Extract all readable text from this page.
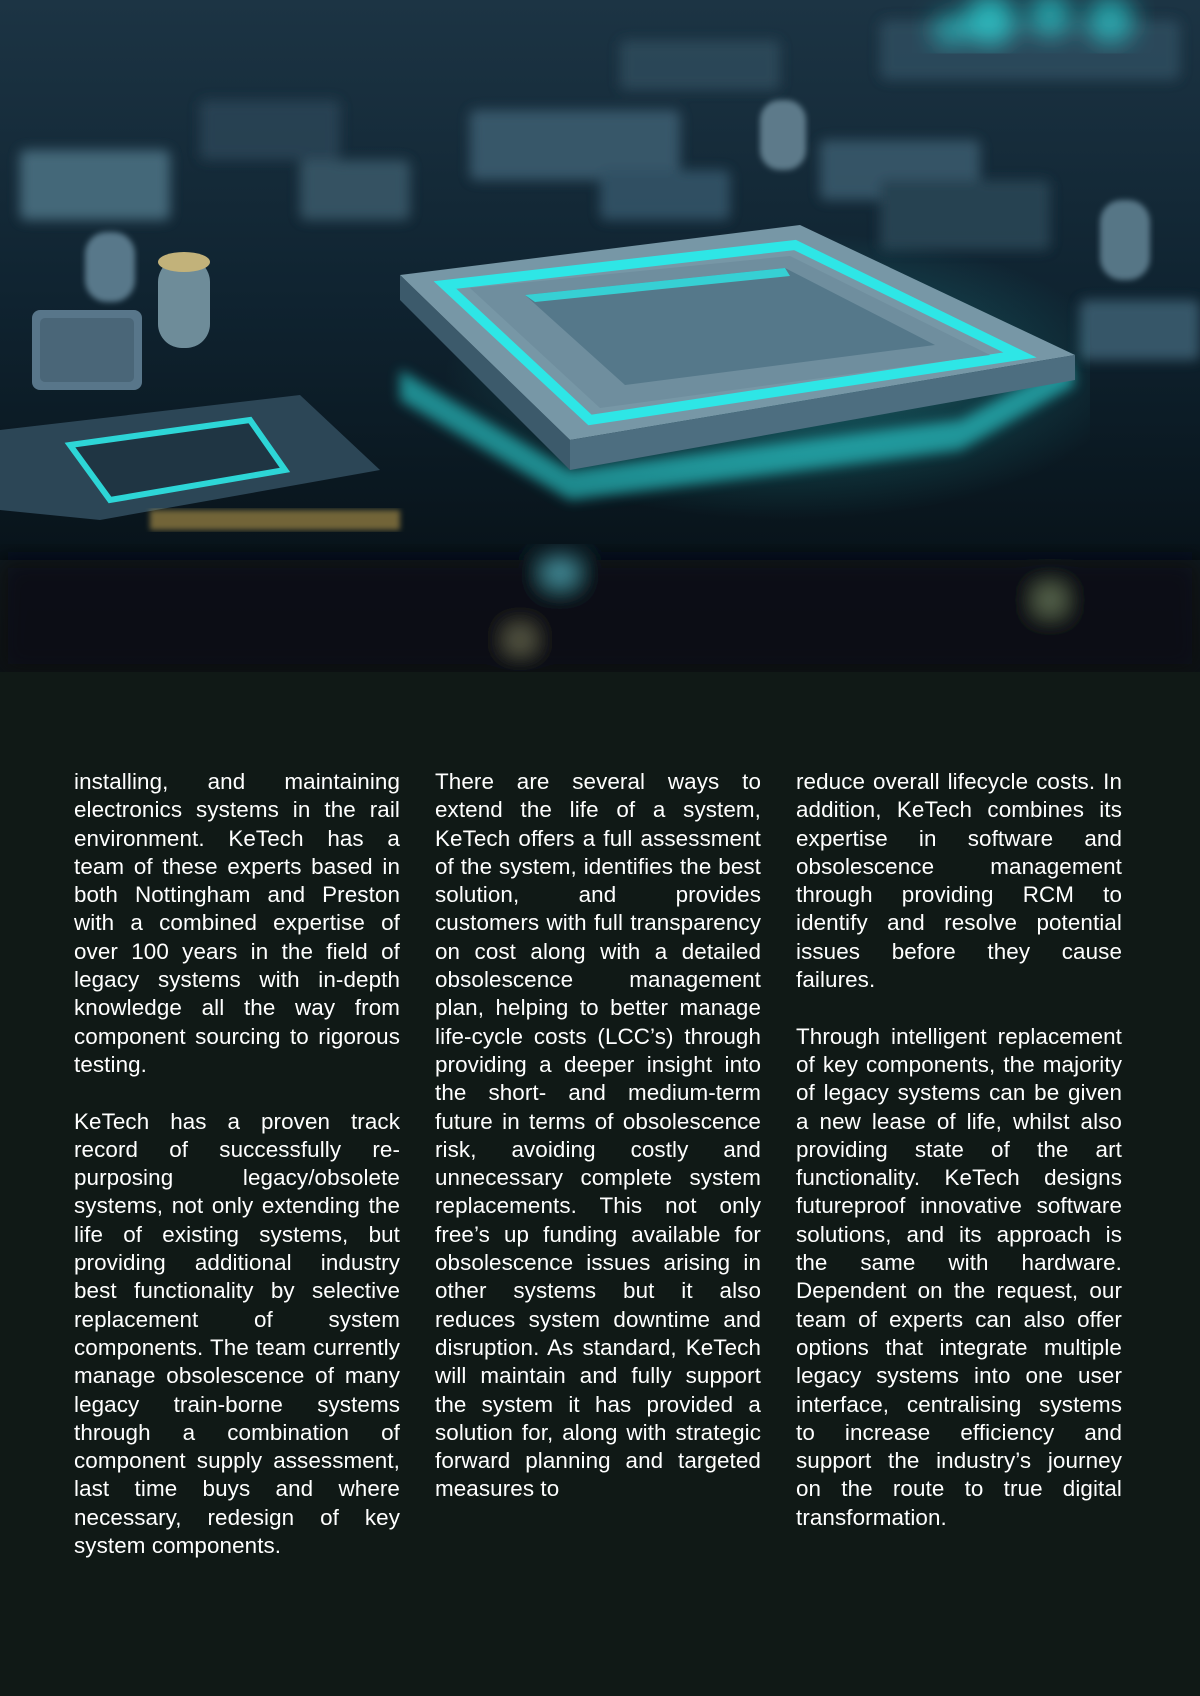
installing, and maintaining electronics systems in the rail environment. KeTech has a team of these experts based in both Nottingham and Preston with a combined expertise of over 100 years in the field of legacy systems with in-depth knowledge all the way from component sourcing to rigorous testing.

KeTech has a proven track record of successfully re-purposing legacy/obsolete systems, not only extending the life of existing systems, but providing additional industry best functionality by selective replacement of system components. The team currently manage obsolescence of many legacy train-borne systems through a combination of component supply assessment, last time buys and where necessary, redesign of key system components.

There are several ways to extend the life of a system, KeTech offers a full assessment of the system, identifies the best solution, and provides customers with full transparency on cost along with a detailed obsolescence management plan, helping to better manage life-cycle costs (LCC’s) through providing a deeper insight into the short- and medium-term future in terms of obsolescence risk, avoiding costly and unnecessary complete system replacements. This not only free’s up funding available for obsolescence issues arising in other systems but it also reduces system downtime and disruption. As standard, KeTech will maintain and fully support the system it has provided a solution for, along with strategic forward planning and targeted measures to

reduce overall lifecycle costs. In addition, KeTech combines its expertise in software and obsolescence management through providing RCM to identify and resolve potential issues before they cause failures.

Through intelligent replacement of key components, the majority of legacy systems can be given a new lease of life, whilst also providing state of the art functionality. KeTech designs futureproof innovative software solutions, and its approach is the same with hardware. Dependent on the request, our team of experts can also offer options that integrate multiple legacy systems into one user interface, centralising systems to increase efficiency and support the industry’s journey on the route to true digital transformation.
